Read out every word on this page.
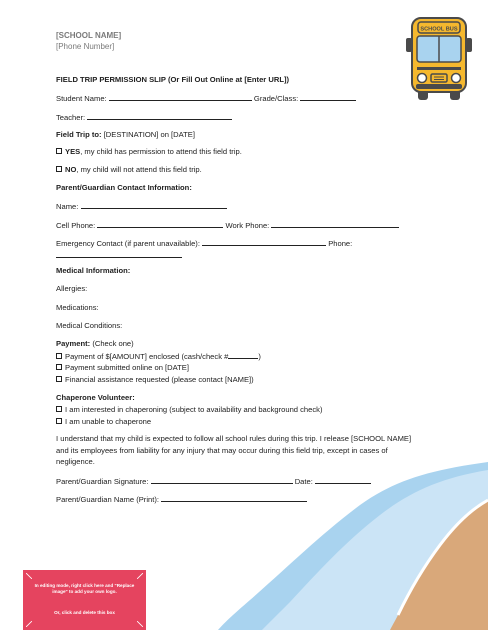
[SCHOOL NAME]
[Phone Number]
SCHOOL BUS
FIELD TRIP PERMISSION SLIP (Or Fill Out Online at [Enter URL])
Student Name:	Grade/Class:
Teacher:
Field Trip to: [DESTINATION] on [DATE]
YES, my child has permission to attend this field trip.
NO, my child will not attend this field trip.
Parent/Guardian Contact Information:
Name:
Cell Phone:	Work Phone:
Emergency Contact (if parent unavailable):	Phone:
Medical Information:
Allergies:
Medications:
Medical Conditions:
Payment: (Check one)
Payment of $[AMOUNT] enclosed (cash/check #	)
Payment submitted online on [DATE]
Financial assistance requested (please contact [NAME])
Chaperone Volunteer:
I am interested in chaperoning (subject to availability and background check)
I am unable to chaperone
I understand that my child is expected to follow all school rules during this trip. I release [SCHOOL NAME] and its employees from liability for any injury that may occur during this field trip, except in cases of negligence.
Parent/Guardian Signature:	Date:
Parent/Guardian Name (Print):
In editing mode, right click here and "Replace image" to add your own logo.
Or, click and delete this box
